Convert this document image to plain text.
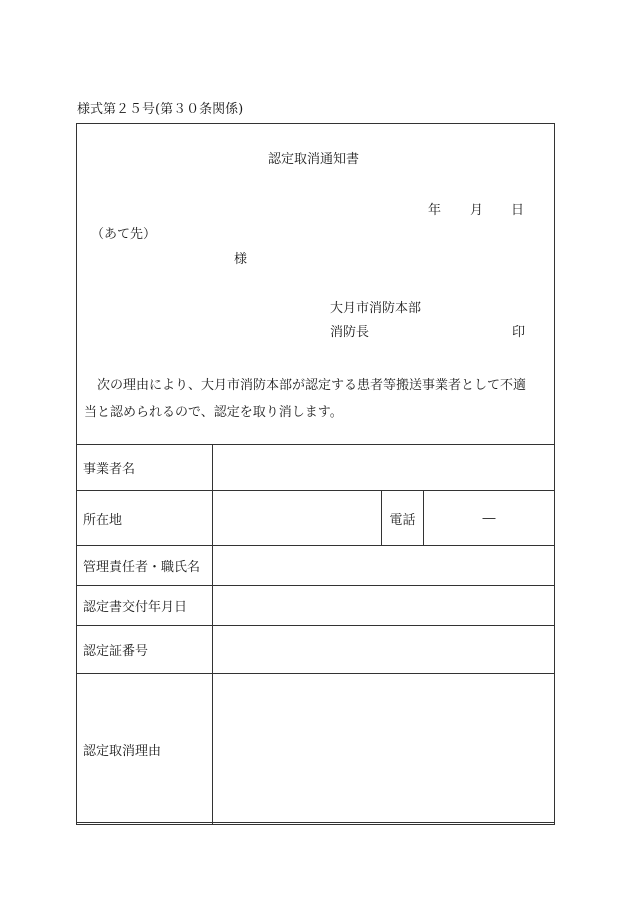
様式第２５号(第３０条関係)
認定取消通知書
年 月 日
（あて先）
様
大月市消防本部
消防長	印
次の理由により、大月市消防本部が認定する患者等搬送事業者として不適
当と認められるので、認定を取り消します。
事業者名			
所在地		電話	―
管理責任者・職氏名			
認定書交付年月日			
認定証番号			
認定取消理由			
